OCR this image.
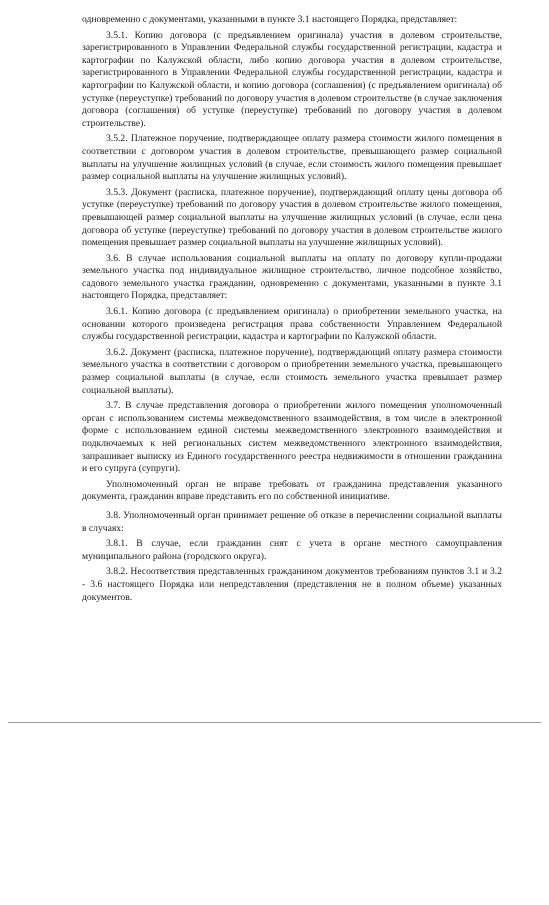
одновременно с документами, указанными в пункте 3.1 настоящего Порядка, представляет:

3.5.1. Копию договора (с предъявлением оригинала) участия в долевом строительстве, зарегистрированного в Управлении Федеральной службы государственной регистрации, кадастра и картографии по Калужской области, либо копию договора участия в долевом строительстве, зарегистрированного в Управлении Федеральной службы государственной регистрации, кадастра и картографии по Калужской области, и копию договора (соглашения) (с предъявлением оригинала) об уступке (переуступке) требований по договору участия в долевом строительстве (в случае заключения договора (соглашения) об уступке (переуступке) требований по договору участия в долевом строительстве).

3.5.2. Платежное поручение, подтверждающее оплату размера стоимости жилого помещения в соответствии с договором участия в долевом строительстве, превышающего размер социальной выплаты на улучшение жилищных условий (в случае, если стоимость жилого помещения превышает размер социальной выплаты на улучшение жилищных условий).

3.5.3. Документ (расписка, платежное поручение), подтверждающий оплату цены договора об уступке (переуступке) требований по договору участия в долевом строительстве жилого помещения, превышающей размер социальной выплаты на улучшение жилищных условий (в случае, если цена договора об уступке (переуступке) требований по договору участия в долевом строительстве жилого помещения превышает размер социальной выплаты на улучшение жилищных условий).

3.6. В случае использования социальной выплаты на оплату по договору купли-продажи земельного участка под индивидуальное жилищное строительство, личное подсобное хозяйство, садового земельного участка гражданин, одновременно с документами, указанными в пункте 3.1 настоящего Порядка, представляет:

3.6.1. Копию договора (с предъявлением оригинала) о приобретении земельного участка, на основании которого произведена регистрация права собственности Управлением Федеральной службы государственной регистрации, кадастра и картографии по Калужской области.

3.6.2. Документ (расписка, платежное поручение), подтверждающий оплату размера стоимости земельного участка в соответствии с договором о приобретении земельного участка, превышающего размер социальной выплаты (в случае, если стоимость земельного участка превышает размер социальной выплаты).

3.7. В случае представления договора о приобретении жилого помещения уполномоченный орган с использованием системы межведомственного взаимодействия, в том числе в электронной форме с использованием единой системы межведомственного электронного взаимодействия и подключаемых к ней региональных систем межведомственного электронного взаимодействия, запрашивает выписку из Единого государственного реестра недвижимости в отношении гражданина и его супруга (супруги).

Уполномоченный орган не вправе требовать от гражданина представления указанного документа, гражданин вправе представить его по собственной инициативе.

3.8. Уполномоченный орган принимает решение об отказе в перечислении социальной выплаты в случаях:

3.8.1. В случае, если гражданин снят с учета в органе местного самоуправления муниципального района (городского округа).

3.8.2. Несоответствия представленных гражданином документов требованиям пунктов 3.1 и 3.2 - 3.6 настоящего Порядка или непредставления (представления не в полном объеме) указанных документов.
